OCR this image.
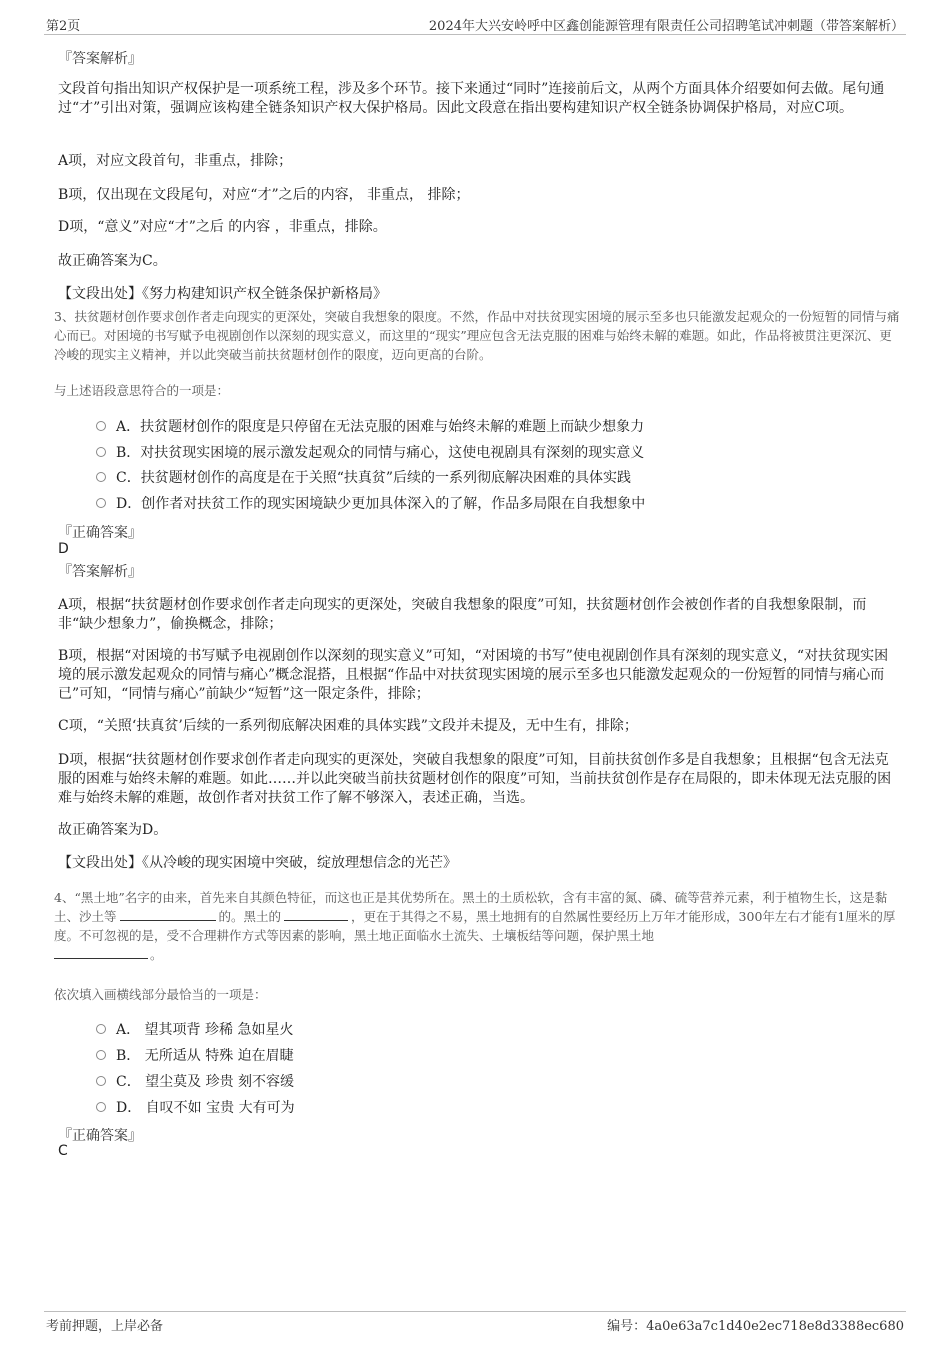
第2页	2024年大兴安岭呼中区鑫创能源管理有限责任公司招聘笔试冲刺题（带答案解析）
『答案解析』
文段首句指出知识产权保护是一项系统工程，涉及多个环节。接下来通过“同时”连接前后文，从两个方面具体介绍要如何去做。尾句通过“才”引出对策，强调应该构建全链条知识产权大保护格局。因此文段意在指出要构建知识产权全链条协调保护格局，对应C项。
A项，对应文段首句，非重点，排除；
B项，仅出现在文段尾句，对应“才”之后的内容， 非重点， 排除；
D项，“意义”对应“才”之后 的内容 ，非重点，排除。
故正确答案为C。
【文段出处】《努力构建知识产权全链条保护新格局》
3、扶贫题材创作要求创作者走向现实的更深处，突破自我想象的限度。不然，作品中对扶贫现实困境的展示至多也只能激发起观众的一份短暂的同情与痛心而已。对困境的书写赋予电视剧创作以深刻的现实意义，而这里的“现实”理应包含无法克服的困难与始终未解的难题。如此，作品将被贯注更深沉、更冷峻的现实主义精神，并以此突破当前扶贫题材创作的限度，迈向更高的台阶。
与上述语段意思符合的一项是：
A．扶贫题材创作的限度是只停留在无法克服的困难与始终未解的难题上而缺少想象力
B．对扶贫现实困境的展示激发起观众的同情与痛心，这使电视剧具有深刻的现实意义
C．扶贫题材创作的高度是在于关照“扶真贫”后续的一系列彻底解决困难的具体实践
D．创作者对扶贫工作的现实困境缺少更加具体深入的了解，作品多局限在自我想象中
『正确答案』
D
『答案解析』
A项，根据“扶贫题材创作要求创作者走向现实的更深处，突破自我想象的限度”可知，扶贫题材创作会被创作者的自我想象限制，而非“缺少想象力”，偷换概念，排除；
B项，根据“对困境的书写赋予电视剧创作以深刻的现实意义”可知，“对困境的书写”使电视剧创作具有深刻的现实意义，“对扶贫现实困境的展示激发起观众的同情与痛心”概念混搭，且根据“作品中对扶贫现实困境的展示至多也只能激发起观众的一份短暂的同情与痛心而已”可知，“同情与痛心”前缺少“短暂”这一限定条件，排除；
C项，“关照‘扶真贫’后续的一系列彻底解决困难的具体实践”文段并未提及，无中生有，排除；
D项，根据“扶贫题材创作要求创作者走向现实的更深处，突破自我想象的限度”可知，目前扶贫创作多是自我想象；且根据“包含无法克服的困难与始终未解的难题。如此……并以此突破当前扶贫题材创作的限度”可知，当前扶贫创作是存在局限的，即未体现无法克服的困难与始终未解的难题，故创作者对扶贫工作了解不够深入，表述正确，当选。
故正确答案为D。
【文段出处】《从冷峻的现实困境中突破，绽放理想信念的光芒》
4、“黑土地”名字的由来，首先来自其颜色特征，而这也正是其优势所在。黑土的土质松软，含有丰富的氮、磷、硫等营养元素，利于植物生长，这是黏土、沙土等	的。黑土的	，更在于其得之不易，黑土地拥有的自然属性要经历上万年才能形成，300年左右才能有1厘米的厚度。不可忽视的是，受不合理耕作方式等因素的影响，黑土地正面临水土流失、土壤板结等问题，保护黑土地
。
依次填入画横线部分最恰当的一项是：
A． 望其项背 珍稀 急如星火
B． 无所适从 特殊 迫在眉睫
C． 望尘莫及 珍贵 刻不容缓
D． 自叹不如 宝贵 大有可为
『正确答案』
C
考前押题，上岸必备	编号：4a0e63a7c1d40e2ec718e8d3388ec680
